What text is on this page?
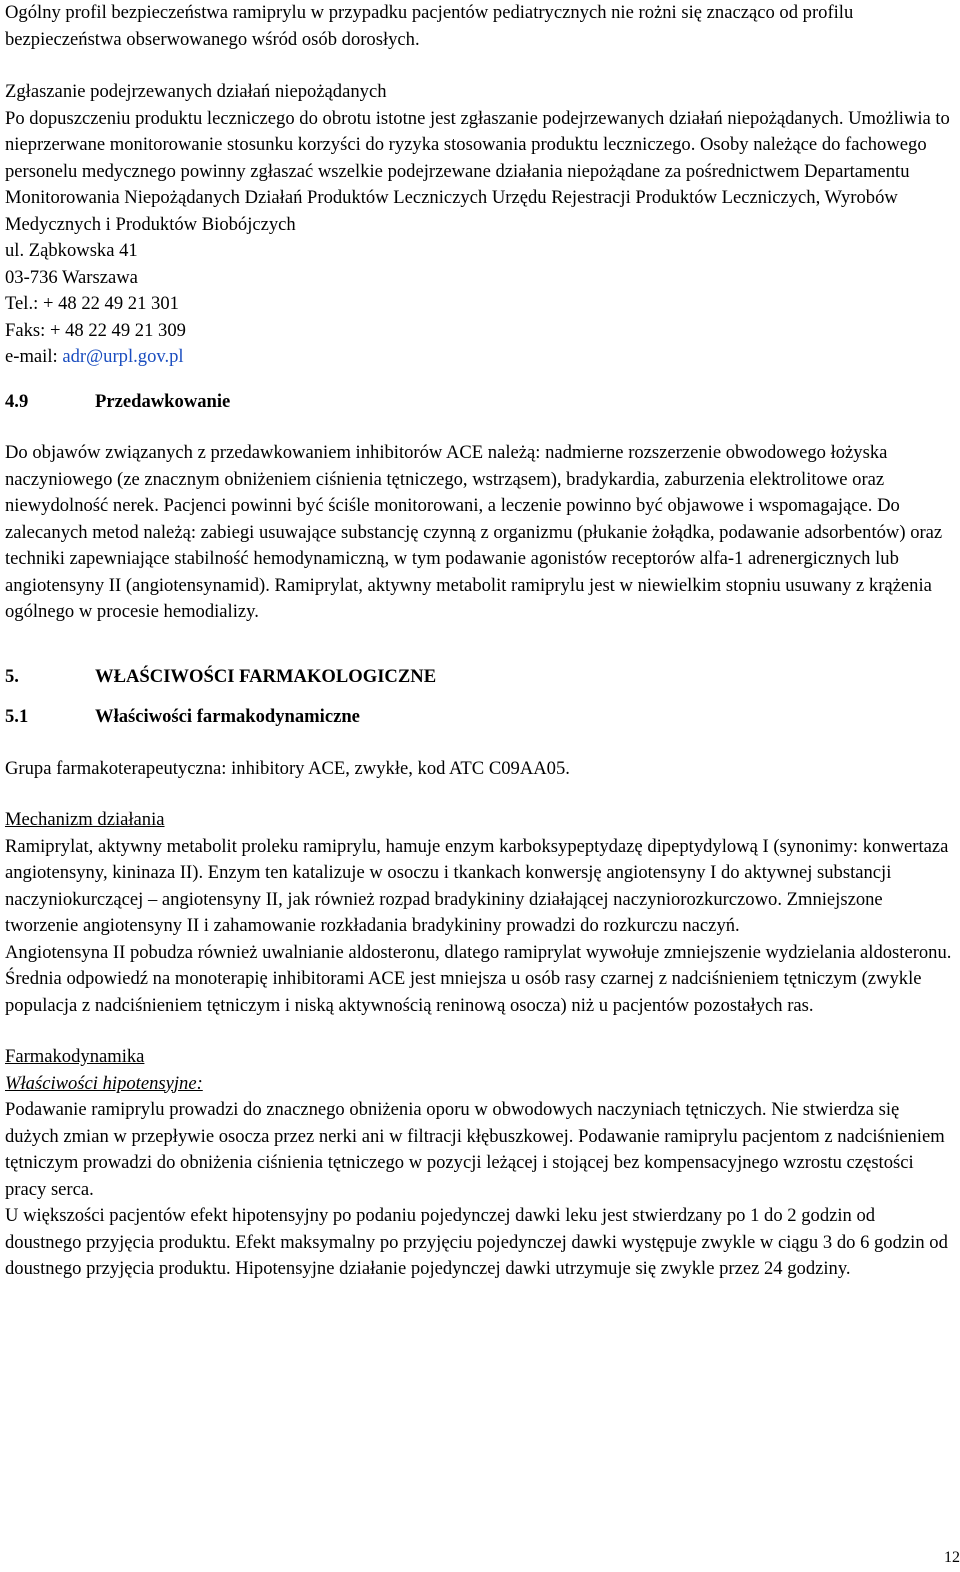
Ogólny profil bezpieczeństwa ramiprylu w przypadku pacjentów pediatrycznych nie rożni się znacząco od profilu bezpieczeństwa obserwowanego wśród osób dorosłych.

Zgłaszanie podejrzewanych działań niepożądanych

Po dopuszczeniu produktu leczniczego do obrotu istotne jest zgłaszanie podejrzewanych działań niepożądanych. Umożliwia to nieprzerwane monitorowanie stosunku korzyści do ryzyka stosowania produktu leczniczego. Osoby należące do fachowego personelu medycznego powinny zgłaszać wszelkie podejrzewane działania niepożądane za pośrednictwem Departamentu Monitorowania Niepożądanych Działań Produktów Leczniczych Urzędu Rejestracji Produktów Leczniczych, Wyrobów Medycznych i Produktów Biobójczych

ul. Ząbkowska 41

03-736 Warszawa

Tel.: + 48 22 49 21 301

Faks: + 48 22 49 21 309

e-mail: adr@urpl.gov.pl

4.9	Przedawkowanie

Do objawów związanych z przedawkowaniem inhibitorów ACE należą: nadmierne rozszerzenie obwodowego łożyska naczyniowego (ze znacznym obniżeniem ciśnienia tętniczego, wstrząsem), bradykardia, zaburzenia elektrolitowe oraz niewydolność nerek. Pacjenci powinni być ściśle monitorowani, a leczenie powinno być objawowe i wspomagające. Do zalecanych metod należą: zabiegi usuwające substancję czynną z organizmu (płukanie żołądka, podawanie adsorbentów) oraz techniki zapewniające stabilność hemodynamiczną, w tym podawanie agonistów receptorów alfa-1 adrenergicznych lub angiotensyny II (angiotensynamid). Ramiprylat, aktywny metabolit ramiprylu jest w niewielkim stopniu usuwany z krążenia ogólnego w procesie hemodializy.

5.	WŁAŚCIWOŚCI FARMAKOLOGICZNE

5.1	Właściwości farmakodynamiczne

Grupa farmakoterapeutyczna: inhibitory ACE, zwykłe, kod ATC C09AA05.

Mechanizm działania

Ramiprylat, aktywny metabolit proleku ramiprylu, hamuje enzym karboksypeptydazę dipeptydylową I (synonimy: konwertaza angiotensyny, kininaza II). Enzym ten katalizuje w osoczu i tkankach konwersję angiotensyny I do aktywnej substancji naczyniokurczącej – angiotensyny II, jak również rozpad bradykininy działającej naczyniorozkurczowo. Zmniejszone tworzenie angiotensyny II i zahamowanie rozkładania bradykininy prowadzi do rozkurczu naczyń.

Angiotensyna II pobudza również uwalnianie aldosteronu, dlatego ramiprylat wywołuje zmniejszenie wydzielania aldosteronu. Średnia odpowiedź na monoterapię inhibitorami ACE jest mniejsza u osób rasy czarnej z nadciśnieniem tętniczym (zwykle populacja z nadciśnieniem tętniczym i niską aktywnością reninową osocza) niż u pacjentów pozostałych ras.

Farmakodynamika

Właściwości hipotensyjne:

Podawanie ramiprylu prowadzi do znacznego obniżenia oporu w obwodowych naczyniach tętniczych. Nie stwierdza się dużych zmian w przepływie osocza przez nerki ani w filtracji kłębuszkowej. Podawanie ramiprylu pacjentom z nadciśnieniem tętniczym prowadzi do obniżenia ciśnienia tętniczego w pozycji leżącej i stojącej bez kompensacyjnego wzrostu częstości pracy serca.

U większości pacjentów efekt hipotensyjny po podaniu pojedynczej dawki leku jest stwierdzany po 1 do 2 godzin od doustnego przyjęcia produktu. Efekt maksymalny po przyjęciu pojedynczej dawki występuje zwykle w ciągu 3 do 6 godzin od doustnego przyjęcia produktu. Hipotensyjne działanie pojedynczej dawki utrzymuje się zwykle przez 24 godziny.

12
